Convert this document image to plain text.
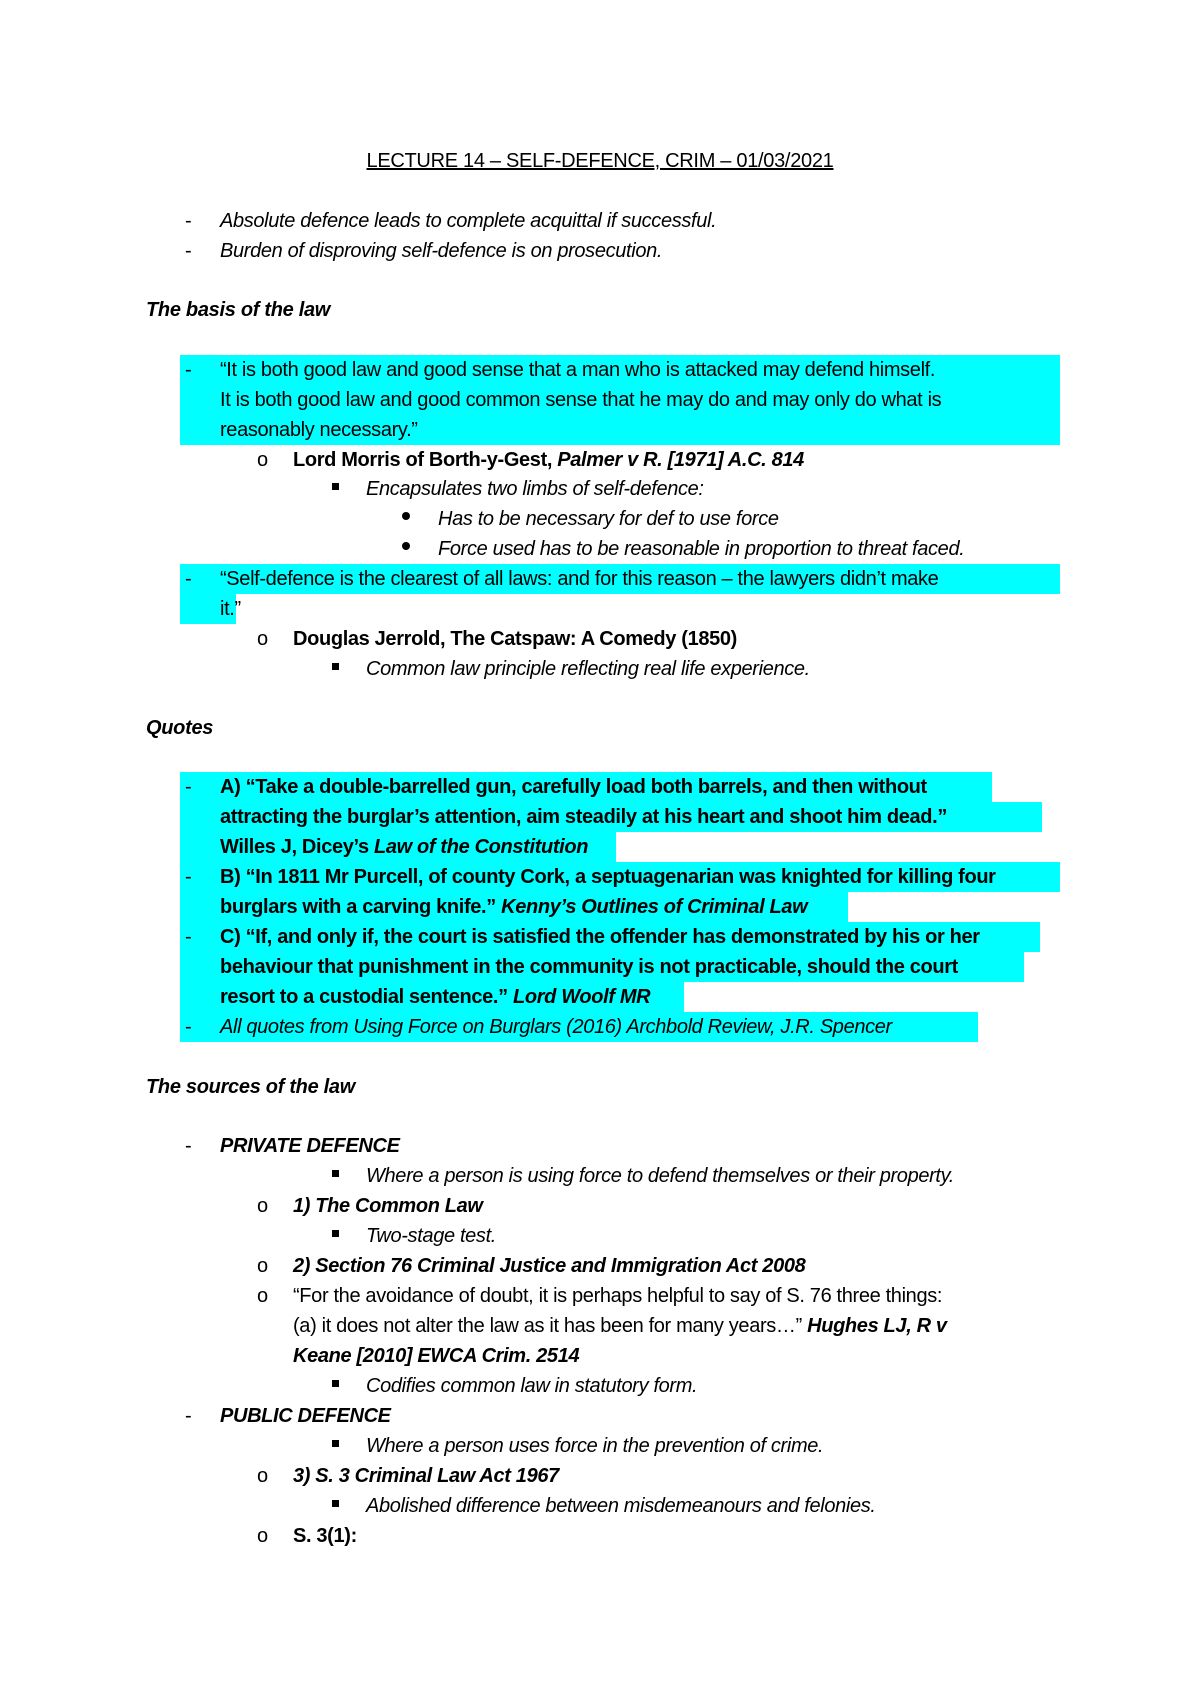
LECTURE 14 – SELF-DEFENCE, CRIM – 01/03/2021
- Absolute defence leads to complete acquittal if successful.
- Burden of disproving self-defence is on prosecution.
The basis of the law
- “It is both good law and good sense that a man who is attacked may defend himself.
It is both good law and good common sense that he may do and may only do what is
reasonably necessary.”
o Lord Morris of Borth-y-Gest, Palmer v R. [1971] A.C. 814
Encapsulates two limbs of self-defence:
Has to be necessary for def to use force
Force used has to be reasonable in proportion to threat faced.
- “Self-defence is the clearest of all laws: and for this reason – the lawyers didn’t make
it.”
o Douglas Jerrold, The Catspaw: A Comedy (1850)
Common law principle reflecting real life experience.
Quotes
- A) “Take a double-barrelled gun, carefully load both barrels, and then without
attracting the burglar’s attention, aim steadily at his heart and shoot him dead.”
Willes J, Dicey’s Law of the Constitution
- B) “In 1811 Mr Purcell, of county Cork, a septuagenarian was knighted for killing four
burglars with a carving knife.” Kenny’s Outlines of Criminal Law
- C) “If, and only if, the court is satisfied the offender has demonstrated by his or her
behaviour that punishment in the community is not practicable, should the court
resort to a custodial sentence.” Lord Woolf MR
- All quotes from Using Force on Burglars (2016) Archbold Review, J.R. Spencer
The sources of the law
- PRIVATE DEFENCE
Where a person is using force to defend themselves or their property.
o 1) The Common Law
Two-stage test.
o 2) Section 76 Criminal Justice and Immigration Act 2008
o “For the avoidance of doubt, it is perhaps helpful to say of S. 76 three things:
(a) it does not alter the law as it has been for many years…” Hughes LJ, R v
Keane [2010] EWCA Crim. 2514
Codifies common law in statutory form.
- PUBLIC DEFENCE
Where a person uses force in the prevention of crime.
o 3) S. 3 Criminal Law Act 1967
Abolished difference between misdemeanours and felonies.
o S. 3(1):
